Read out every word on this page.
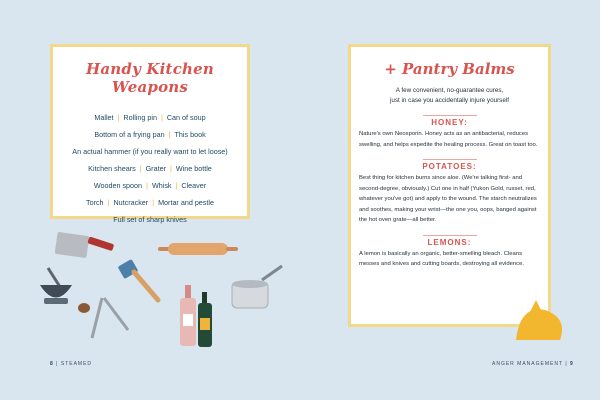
Handy Kitchen Weapons
Mallet | Rolling pin | Can of soup
Bottom of a frying pan | This book
An actual hammer (if you really want to let loose)
Kitchen shears | Grater | Wine bottle
Wooden spoon | Whisk | Cleaver
Torch | Nutcracker | Mortar and pestle
Full set of sharp knives
+ Pantry Balms
A few convenient, no-guarantee cures,
just in case you accidentally injure yourself
HONEY:
Nature's own Neosporin. Honey acts as an antibacterial, reduces swelling, and helps expedite the healing process. Great on toast too.
POTATOES:
Best thing for kitchen burns since aloe. (We're talking first- and second-degree, obviously.) Cut one in half (Yukon Gold, russet, red, whatever you've got) and apply to the wound. The starch neutralizes and soothes, making your wrist—the one you, oops, banged against the hot oven grate—all better.
LEMONS:
A lemon is basically an organic, better-smelling bleach. Cleans messes and knives and cutting boards, destroying all evidence.
8 | STEAMED	ANGER MANAGEMENT | 9
